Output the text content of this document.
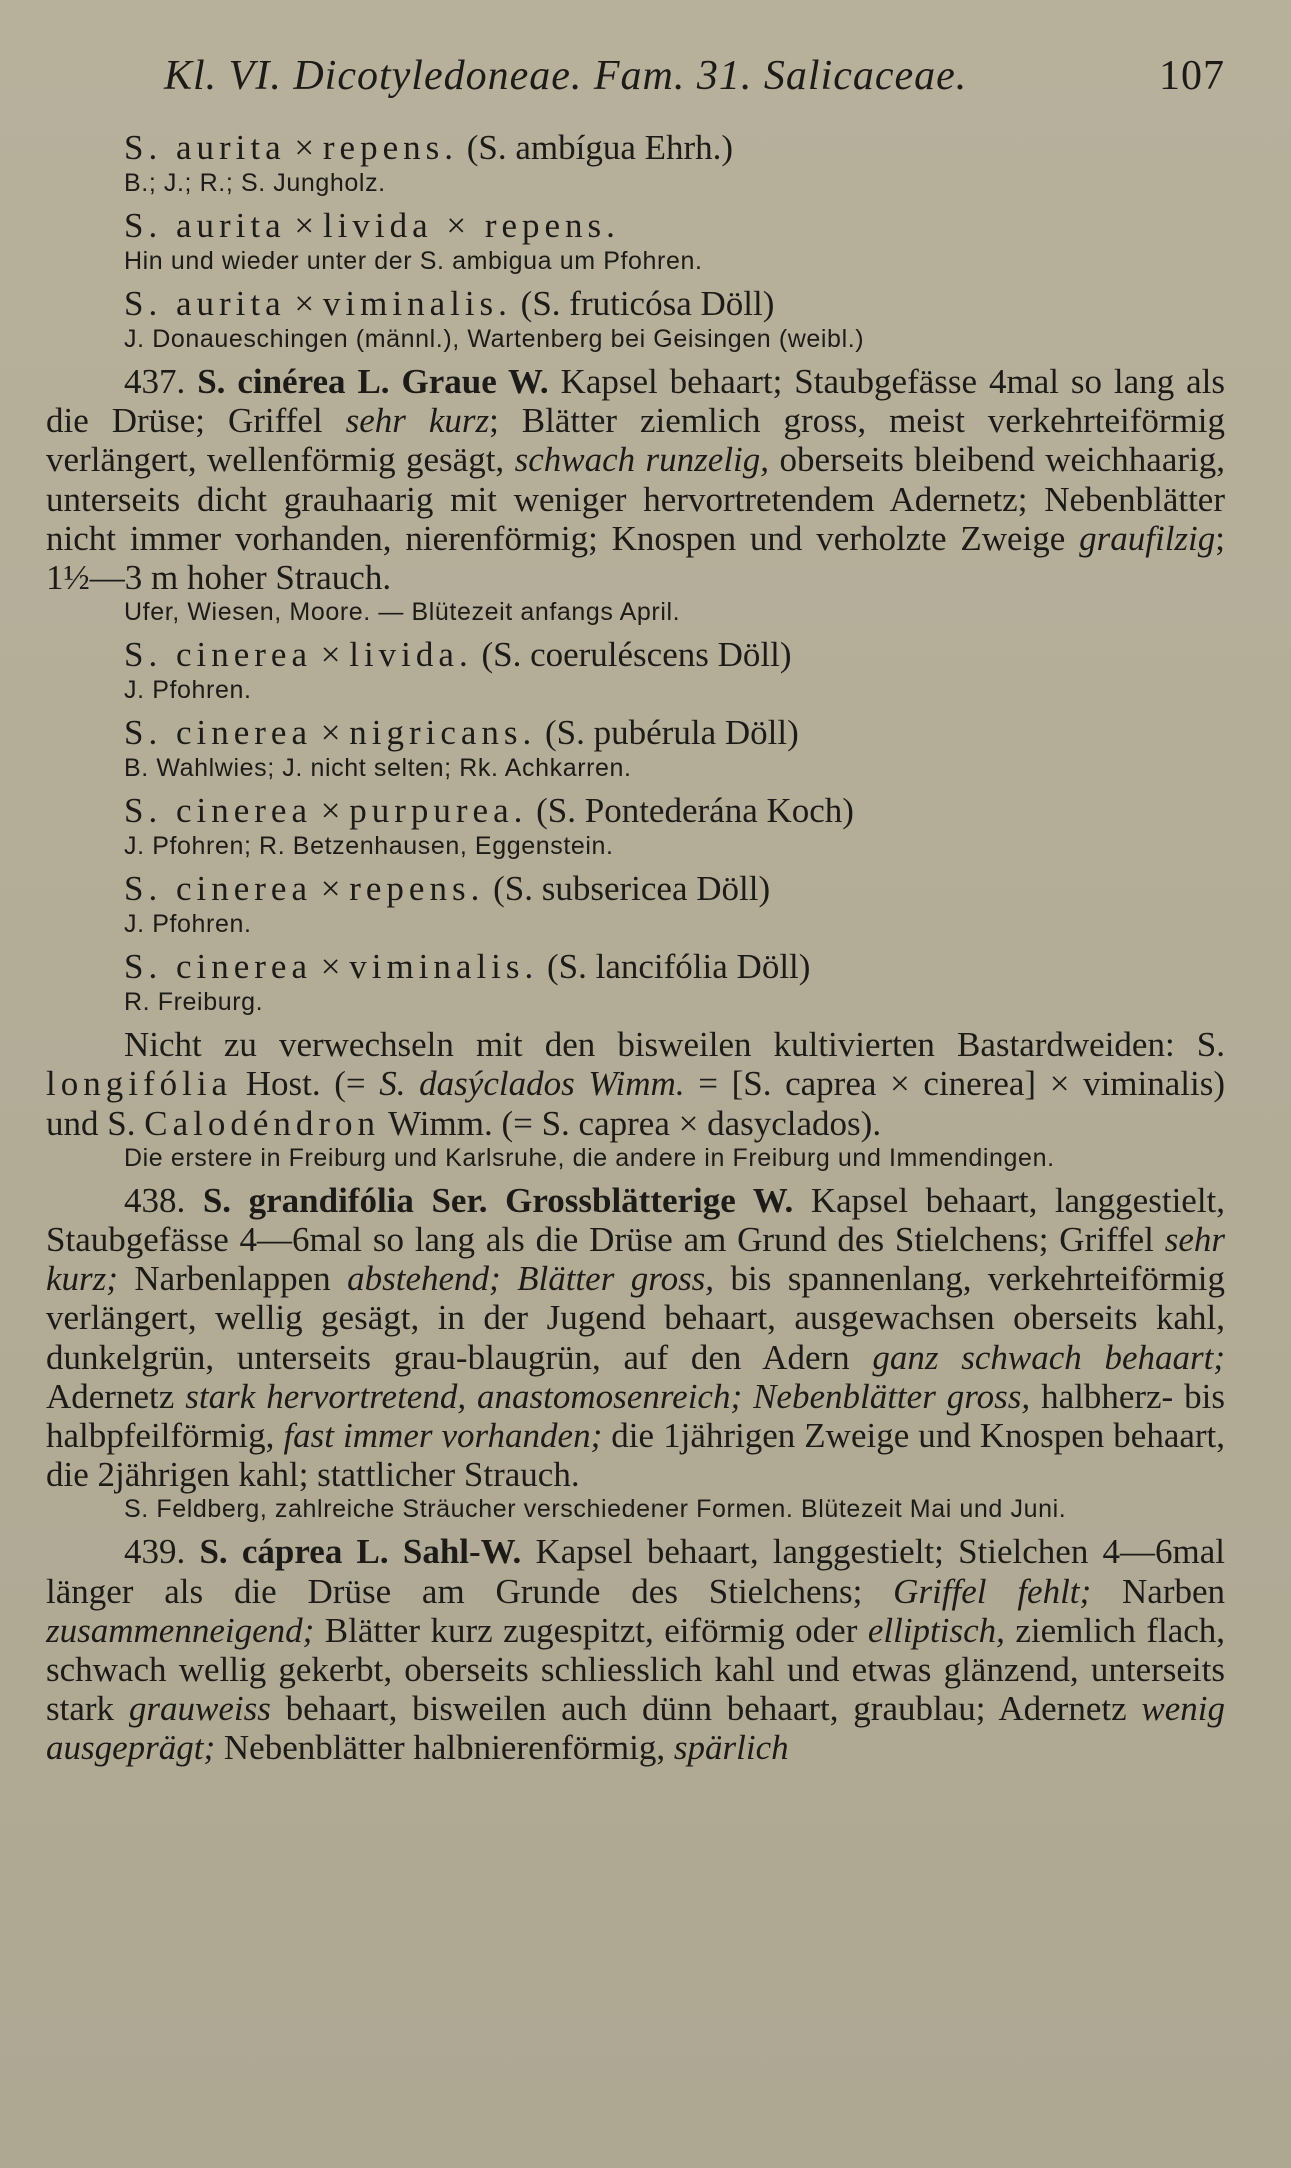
Kl. VI. Dicotyledoneae. Fam. 31. Salicaceae.	107

S. aurita × repens. (S. ambígua Ehrh.)

B.; J.; R.; S. Jungholz.

S. aurita × livida × repens.

Hin und wieder unter der S. ambigua um Pfohren.

S. aurita × viminalis. (S. fruticósa Döll)

J. Donaueschingen (männl.), Wartenberg bei Geisingen (weibl.)

437. S. cinérea L. Graue W. Kapsel behaart; Staubgefässe 4mal so lang als die Drüse; Griffel sehr kurz; Blätter ziemlich gross, meist verkehrteiförmig verlängert, wellenförmig gesägt, schwach runzelig, oberseits bleibend weichhaarig, unterseits dicht grauhaarig mit weniger hervortretendem Adernetz; Nebenblätter nicht immer vorhanden, nierenförmig; Knospen und verholzte Zweige graufilzig; 1½—3 m hoher Strauch.

Ufer, Wiesen, Moore. — Blütezeit anfangs April.

S. cinerea × livida. (S. coeruléscens Döll)

J. Pfohren.

S. cinerea × nigricans. (S. pubérula Döll)

B. Wahlwies; J. nicht selten; Rk. Achkarren.

S. cinerea × purpurea. (S. Pontederána Koch)

J. Pfohren; R. Betzenhausen, Eggenstein.

S. cinerea × repens. (S. subsericea Döll)

J. Pfohren.

S. cinerea × viminalis. (S. lancifólia Döll)

R. Freiburg.

Nicht zu verwechseln mit den bisweilen kultivierten Bastardweiden: S. longifólia Host. (= S. dasýclados Wimm. = [S. caprea × cinerea] × viminalis) und S. Calodéndron Wimm. (= S. caprea × dasyclados).

Die erstere in Freiburg und Karlsruhe, die andere in Freiburg und Immendingen.

438. S. grandifólia Ser. Grossblätterige W. Kapsel behaart, langgestielt, Staubgefässe 4—6mal so lang als die Drüse am Grund des Stielchens; Griffel sehr kurz; Narbenlappen abstehend; Blätter gross, bis spannenlang, verkehrteiförmig verlängert, wellig gesägt, in der Jugend behaart, ausgewachsen oberseits kahl, dunkelgrün, unterseits grau-blaugrün, auf den Adern ganz schwach behaart; Adernetz stark hervortretend, anastomosenreich; Nebenblätter gross, halbherz- bis halbpfeilförmig, fast immer vorhanden; die 1jährigen Zweige und Knospen behaart, die 2jährigen kahl; stattlicher Strauch.

S. Feldberg, zahlreiche Sträucher verschiedener Formen. Blütezeit Mai und Juni.

439. S. cáprea L. Sahl-W. Kapsel behaart, langgestielt; Stielchen 4—6mal länger als die Drüse am Grunde des Stielchens; Griffel fehlt; Narben zusammenneigend; Blätter kurz zugespitzt, eiförmig oder elliptisch, ziemlich flach, schwach wellig gekerbt, oberseits schliesslich kahl und etwas glänzend, unterseits stark grauweiss behaart, bisweilen auch dünn behaart, graublau; Adernetz wenig ausgeprägt; Nebenblätter halbnierenförmig, spärlich
